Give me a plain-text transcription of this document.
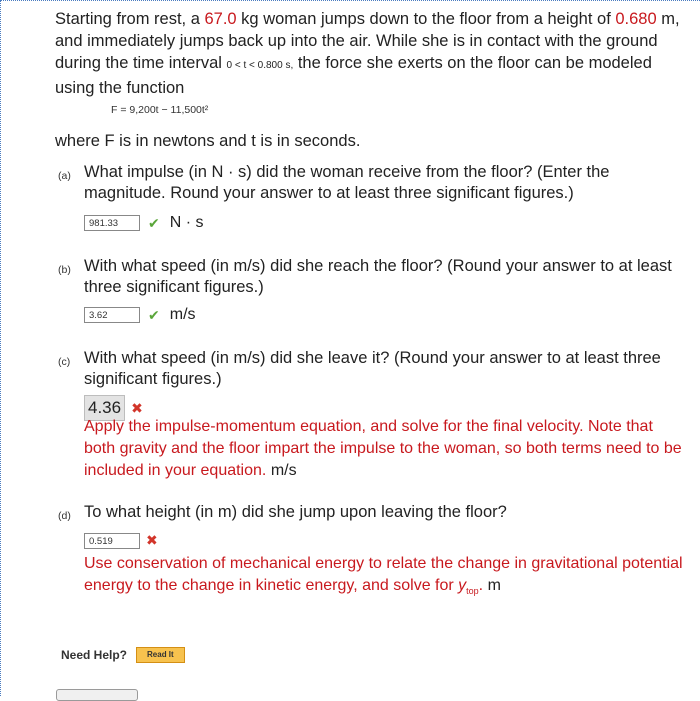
Starting from rest, a 67.0 kg woman jumps down to the floor from a height of 0.680 m, and immediately jumps back up into the air. While she is in contact with the ground during the time interval 0 < t < 0.800 s, the force she exerts on the floor can be modeled using the function
F = 9,200t − 11,500t²
where F is in newtons and t is in seconds.
(a) What impulse (in N · s) did the woman receive from the floor? (Enter the magnitude. Round your answer to at least three significant figures.)
981.33	✔ N · s
(b) With what speed (in m/s) did she reach the floor? (Round your answer to at least three significant figures.)
3.62	✔ m/s
(c) With what speed (in m/s) did she leave it? (Round your answer to at least three significant figures.)
4.36 ✖
Apply the impulse-momentum equation, and solve for the final velocity. Note that both gravity and the floor impart the impulse to the woman, so both terms need to be included in your equation. m/s
(d) To what height (in m) did she jump upon leaving the floor?
0.519	✖
Use conservation of mechanical energy to relate the change in gravitational potential energy to the change in kinetic energy, and solve for $y_{top}$. m
Need Help?	Read It
